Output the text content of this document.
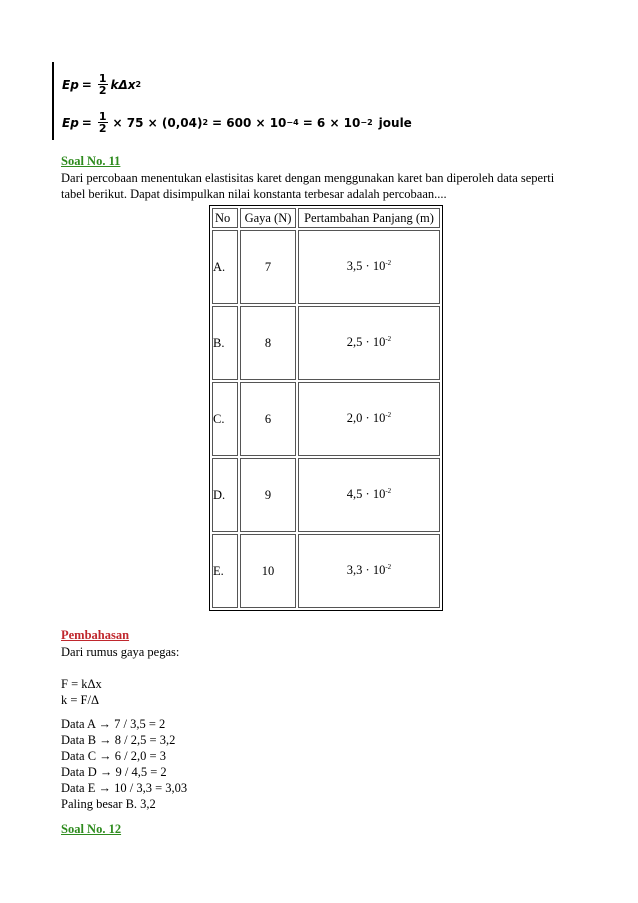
$Ep = \frac{1}{2}$ kΔx 2
$Ep = \frac{1}{2} \times 75 \times (0,04) 2 = 600 \times 10 -4 = 6 \times 10 -2$ joule
Soal No. 11
Dari percobaan menentukan elastisitas karet dengan menggunakan karet ban diperoleh data seperti tabel berikut. Dapat disimpulkan nilai konstanta terbesar adalah percobaan....
No	Gaya (N)	Pertambahan Panjang (m)
A.	7	$3,5 \cdot 10^{-2}$
B.	8	$2,5 \cdot 10^{-2}$
C.	6	$2,0 \cdot 10^{-2}$
D.	9	$4,5 \cdot 10^{-2}$
E.	10	$3,3 \cdot 10^{-2}$
Pembahasan
Dari rumus gaya pegas:
F = kΔx
k = F/Δ
Data A → 7 / 3,5 = 2
Data B → 8 / 2,5 = 3,2
Data C → 6 / 2,0 = 3
Data D → 9 / 4,5 = 2
Data E → 10 / 3,3 = 3,03
Paling besar B. 3,2
Soal No. 12
